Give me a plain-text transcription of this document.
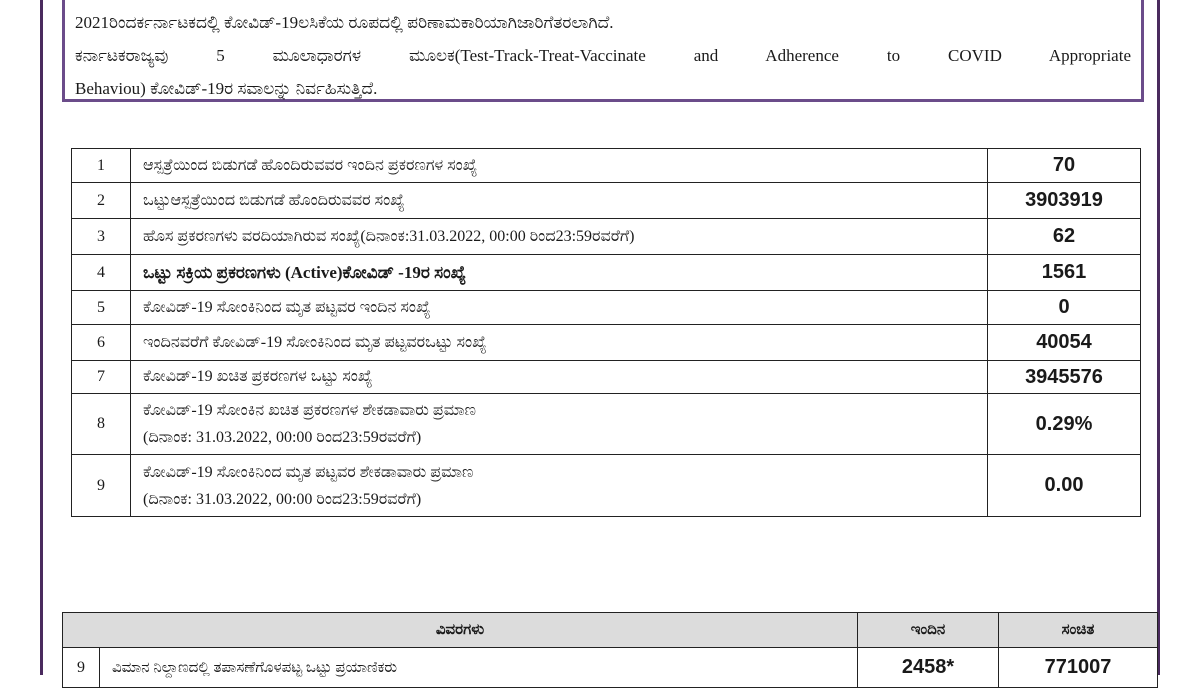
2021ರಿಂದರ್ಕರ್ನಾಟಕದಲ್ಲಿ ಕೋವಿಡ್-19ಲಸಿಕೆಯ ರೂಪದಲ್ಲಿ ಪರಿಣಾಮಕಾರಿಯಾಗಿಜಾರಿಗೆತರಲಾಗಿದೆ.
ಕರ್ನಾಟಕರಾಜ್ಯವು 5 ಮೂಲಾಧಾರಗಳ ಮೂಲಕ(Test-Track-Treat-Vaccinate and Adherence to COVID Appropriate
Behaviou) ಕೋವಿಡ್-19ರ ಸವಾಲನ್ನು ನಿರ್ವಹಿಸುತ್ತಿದೆ.
1	ಆಸ್ಪತ್ರೆಯಿಂದ ಬಿಡುಗಡೆ ಹೊಂದಿರುವವರ ಇಂದಿನ ಪ್ರಕರಣಗಳ ಸಂಖ್ಯೆ	70
2	ಒಟ್ಟುಆಸ್ಪತ್ರೆಯಿಂದ ಬಿಡುಗಡೆ ಹೊಂದಿರುವವರ ಸಂಖ್ಯೆ	3903919
3	ಹೊಸ ಪ್ರಕರಣಗಳು ವರದಿಯಾಗಿರುವ ಸಂಖ್ಯೆ(ದಿನಾಂಕ:31.03.2022, 00:00 ರಿಂದ23:59ರವರೆಗೆ)	62
4	ಒಟ್ಟು ಸಕ್ರಿಯ ಪ್ರಕರಣಗಳು (Active)ಕೋವಿಡ್ -19ರ ಸಂಖ್ಯೆ	1561
5	ಕೋವಿಡ್-19 ಸೋಂಕಿನಿಂದ ಮೃತ ಪಟ್ಟವರ ಇಂದಿನ ಸಂಖ್ಯೆ	0
6	ಇಂದಿನವರೆಗೆ ಕೋವಿಡ್-19 ಸೋಂಕಿನಿಂದ ಮೃತ ಪಟ್ಟವರಒಟ್ಟು ಸಂಖ್ಯೆ	40054
7	ಕೋವಿಡ್-19 ಖಚಿತ ಪ್ರಕರಣಗಳ ಒಟ್ಟು ಸಂಖ್ಯೆ	3945576
8	ಕೋವಿಡ್-19 ಸೋಂಕಿನ ಖಚಿತ ಪ್ರಕರಣಗಳ ಶೇಕಡಾವಾರು ಪ್ರಮಾಣ
(ದಿನಾಂಕ: 31.03.2022, 00:00 ರಿಂದ23:59ರವರೆಗೆ)	0.29%
9	ಕೋವಿಡ್-19 ಸೋಂಕಿನಿಂದ ಮೃತ ಪಟ್ಟವರ ಶೇಕಡಾವಾರು ಪ್ರಮಾಣ
(ದಿನಾಂಕ: 31.03.2022, 00:00 ರಿಂದ23:59ರವರೆಗೆ)	0.00
ವಿವರಗಳು		ಇಂದಿನ	ಸಂಚಿತ
9	ವಿಮಾನ ನಿಲ್ದಾಣದಲ್ಲಿ ತಪಾಸಣೆಗೊಳಪಟ್ಟ ಒಟ್ಟು ಪ್ರಯಾಣಿಕರು	2458*	771007
